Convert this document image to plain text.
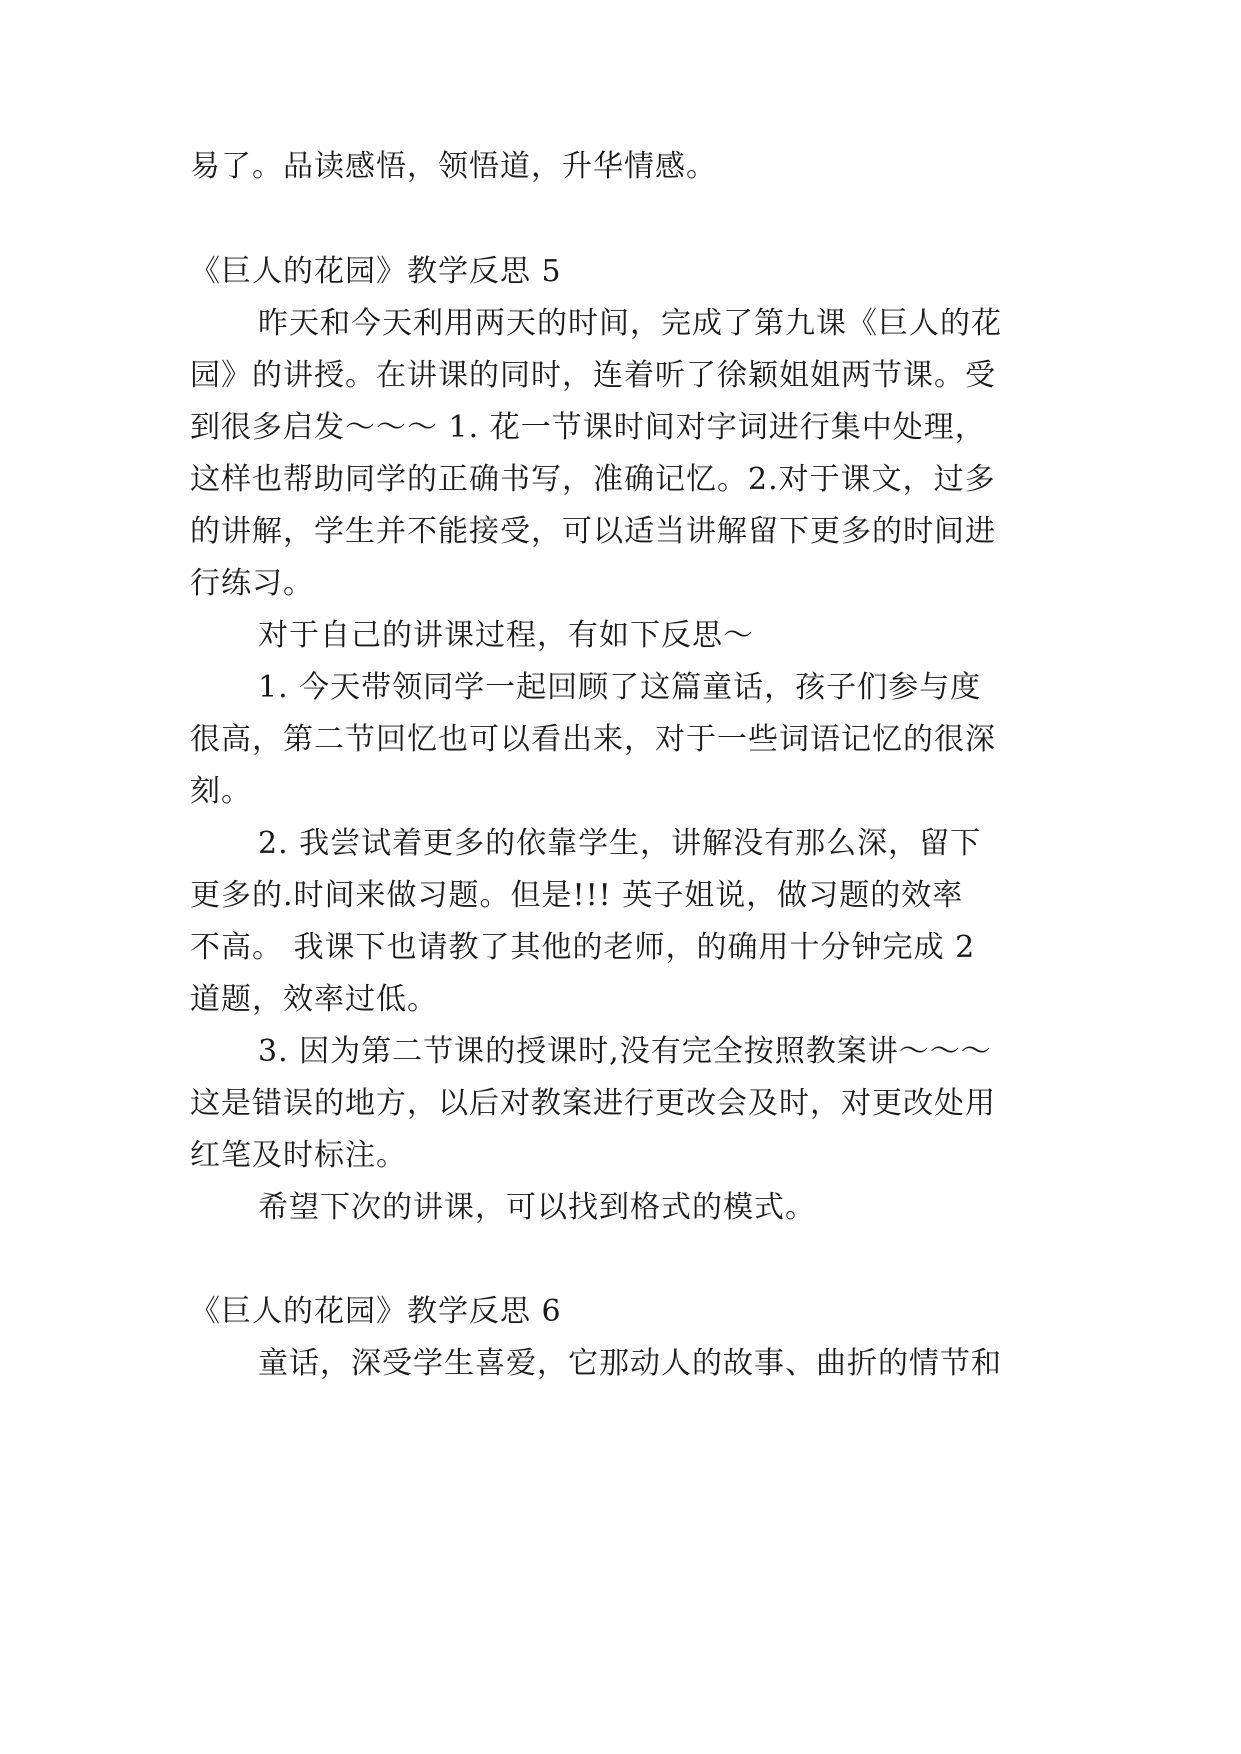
易了。品读感悟，领悟道，升华情感。
《巨人的花园》教学反思 5
昨天和今天利用两天的时间，完成了第九课《巨人的花
园》的讲授。在讲课的同时，连着听了徐颖姐姐两节课。受
到很多启发～～～ 1. 花一节课时间对字词进行集中处理，
这样也帮助同学的正确书写，准确记忆。2.对于课文，过多
的讲解，学生并不能接受，可以适当讲解留下更多的时间进
行练习。
对于自己的讲课过程，有如下反思～
1. 今天带领同学一起回顾了这篇童话，孩子们参与度
很高，第二节回忆也可以看出来，对于一些词语记忆的很深
刻。
2. 我尝试着更多的依靠学生，讲解没有那么深，留下
更多的.时间来做习题。但是!!! 英子姐说，做习题的效率
不高。 我课下也请教了其他的老师，的确用十分钟完成 2
道题，效率过低。
3. 因为第二节课的授课时,没有完全按照教案讲～～～
这是错误的地方，以后对教案进行更改会及时，对更改处用
红笔及时标注。
希望下次的讲课，可以找到格式的模式。
《巨人的花园》教学反思 6
童话，深受学生喜爱，它那动人的故事、曲折的情节和
